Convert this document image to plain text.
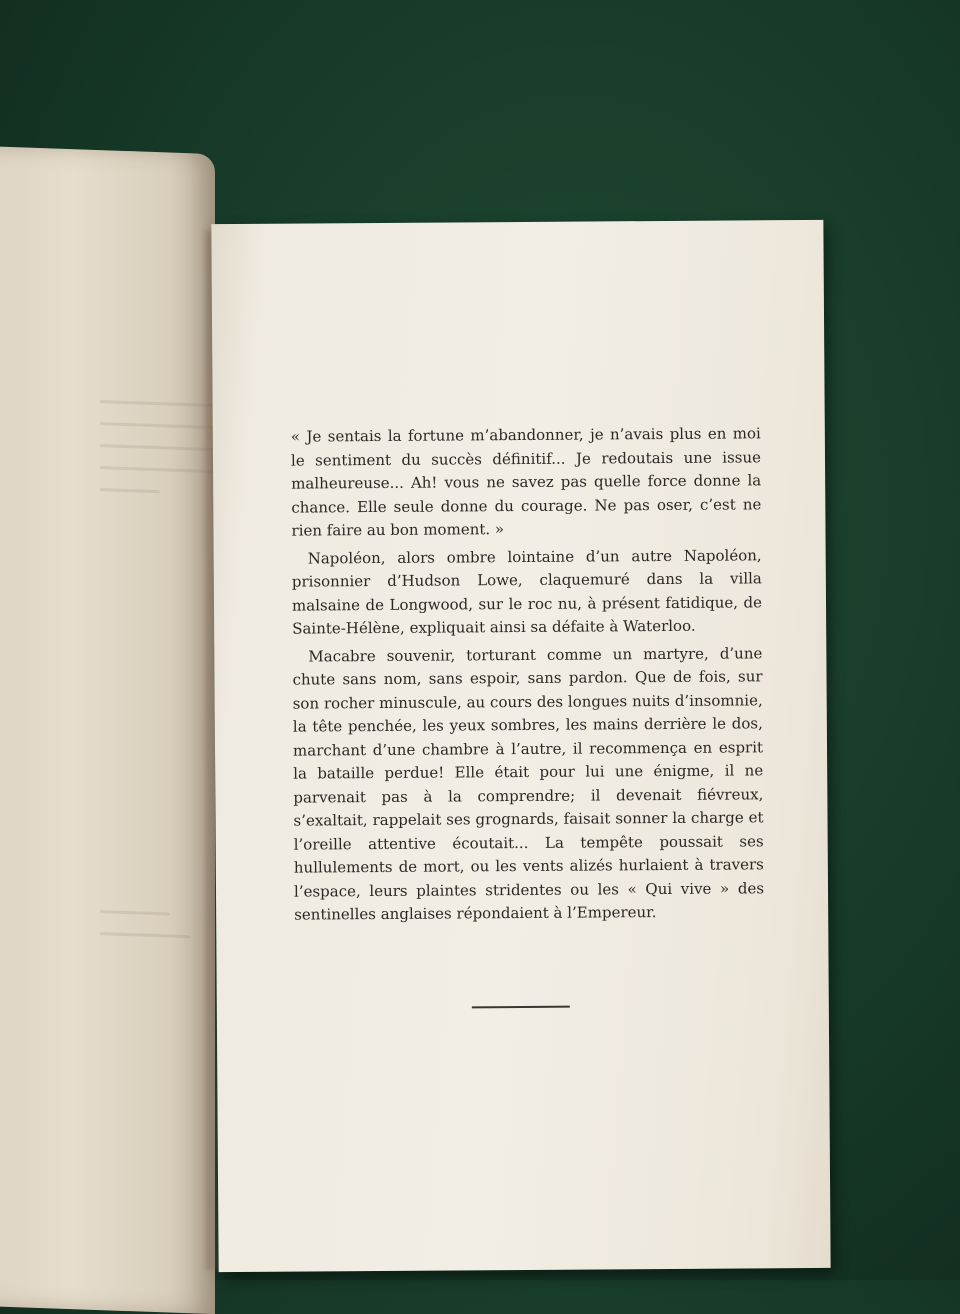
« Je sentais la fortune m’abandonner, je n’avais plus en moi le sentiment du succès définitif... Je redoutais une issue malheureuse... Ah! vous ne savez pas quelle force donne la chance. Elle seule donne du courage. Ne pas oser, c’est ne rien faire au bon moment. »

Napoléon, alors ombre lointaine d’un autre Napoléon, prisonnier d’Hudson Lowe, claquemuré dans la villa malsaine de Longwood, sur le roc nu, à présent fatidique, de Sainte-Hélène, expliquait ainsi sa défaite à Waterloo.

Macabre souvenir, torturant comme un martyre, d’une chute sans nom, sans espoir, sans pardon. Que de fois, sur son rocher minuscule, au cours des longues nuits d’insomnie, la tête penchée, les yeux sombres, les mains derrière le dos, marchant d’une chambre à l’autre, il recommença en esprit la bataille perdue! Elle était pour lui une énigme, il ne parvenait pas à la comprendre; il devenait fiévreux, s’exaltait, rappelait ses grognards, faisait sonner la charge et l’oreille attentive écoutait... La tempête poussait ses hullulements de mort, ou les vents alizés hurlaient à travers l’espace, leurs plaintes stridentes ou les « Qui vive » des sentinelles anglaises répondaient à l’Empereur.
